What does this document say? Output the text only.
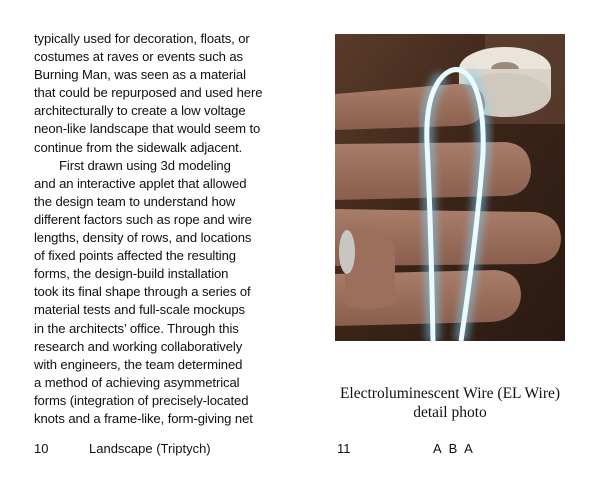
typically used for decoration, floats, or
costumes at raves or events such as
Burning Man, was seen as a material
that could be repurposed and used here
architecturally to create a low voltage
neon-like landscape that would seem to
continue from the sidewalk adjacent.
First drawn using 3d modeling
and an interactive applet that allowed
the design team to understand how
different factors such as rope and wire
lengths, density of rows, and locations
of fixed points affected the resulting
forms, the design-build installation
took its final shape through a series of
material tests and full-scale mockups
in the architects’ office. Through this
research and working collaboratively
with engineers, the team determined
a method of achieving asymmetrical
forms (integration of precisely-located
knots and a frame-like, form-giving net
10	Landscape (Triptych)
Electroluminescent Wire (EL Wire)
detail photo
11	A B A
